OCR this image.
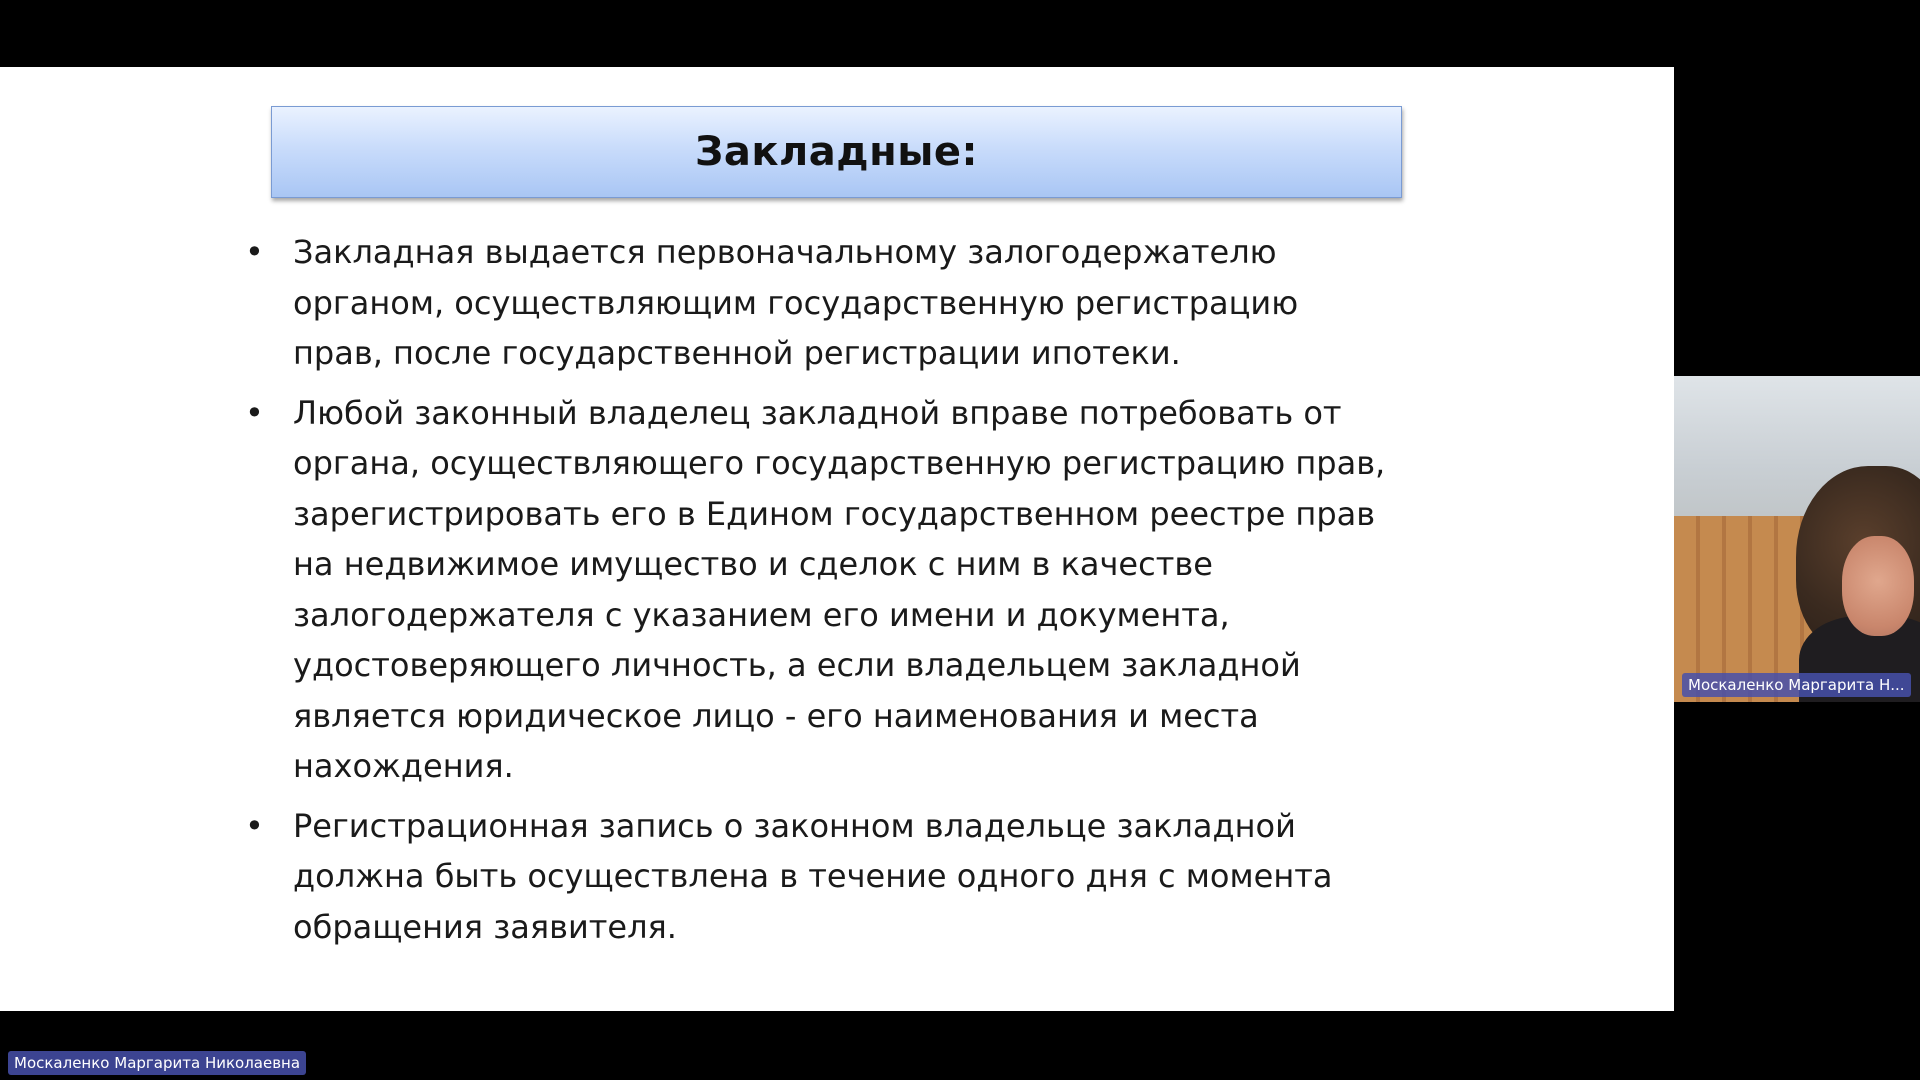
Закладные:
• Закладная выдается первоначальному залогодержателю
органом, осуществляющим государственную регистрацию
прав, после государственной регистрации ипотеки.
• Любой законный владелец закладной вправе потребовать от
органа, осуществляющего государственную регистрацию прав,
зарегистрировать его в Едином государственном реестре прав
на недвижимое имущество и сделок с ним в качестве
залогодержателя с указанием его имени и документа,
удостоверяющего личность, а если владельцем закладной
является юридическое лицо - его наименования и места
нахождения.
• Регистрационная запись о законном владельце закладной
должна быть осуществлена в течение одного дня с момента
обращения заявителя.
Москаленко Маргарита Н...
Москаленко Маргарита Николаевна
